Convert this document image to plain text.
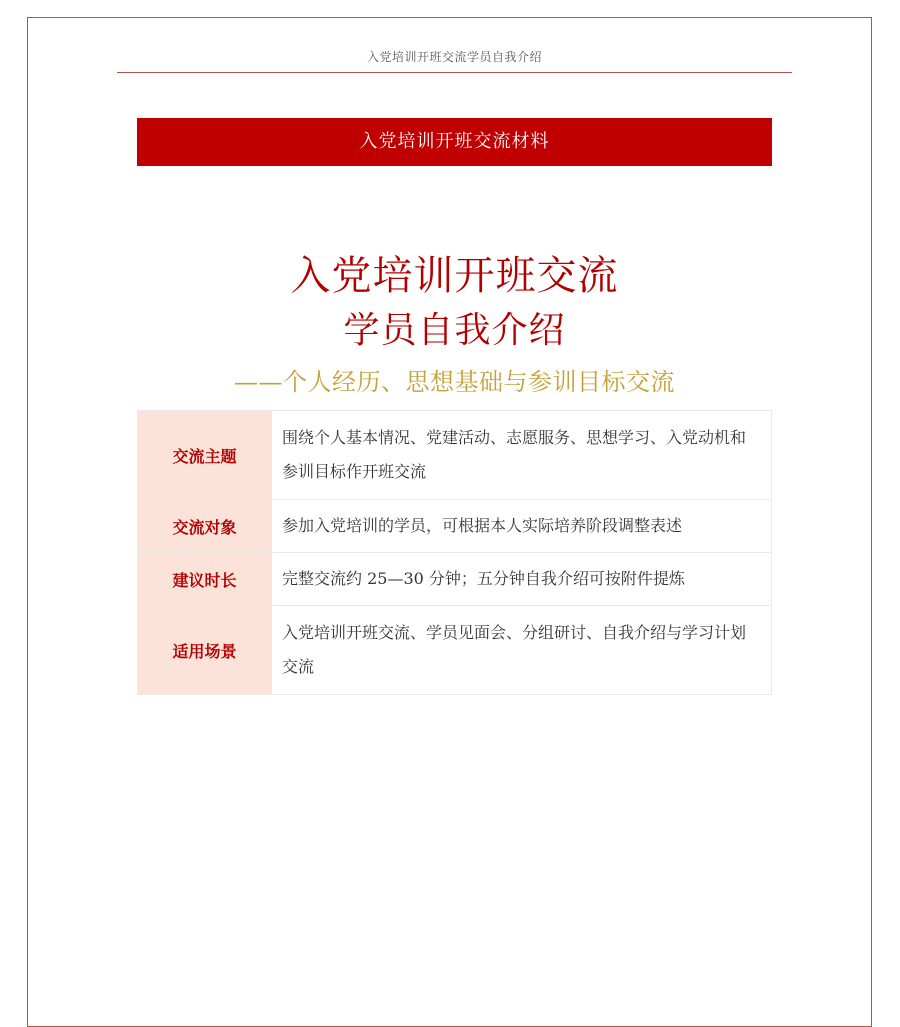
入党培训开班交流学员自我介绍
入党培训开班交流材料
入党培训开班交流
学员自我介绍
——个人经历、思想基础与参训目标交流
交流主题	围绕个人基本情况、党建活动、志愿服务、思想学习、入党动机和参训目标作开班交流
交流对象	参加入党培训的学员，可根据本人实际培养阶段调整表述
建议时长	完整交流约 25—30 分钟；五分钟自我介绍可按附件提炼
适用场景	入党培训开班交流、学员见面会、分组研讨、自我介绍与学习计划交流
